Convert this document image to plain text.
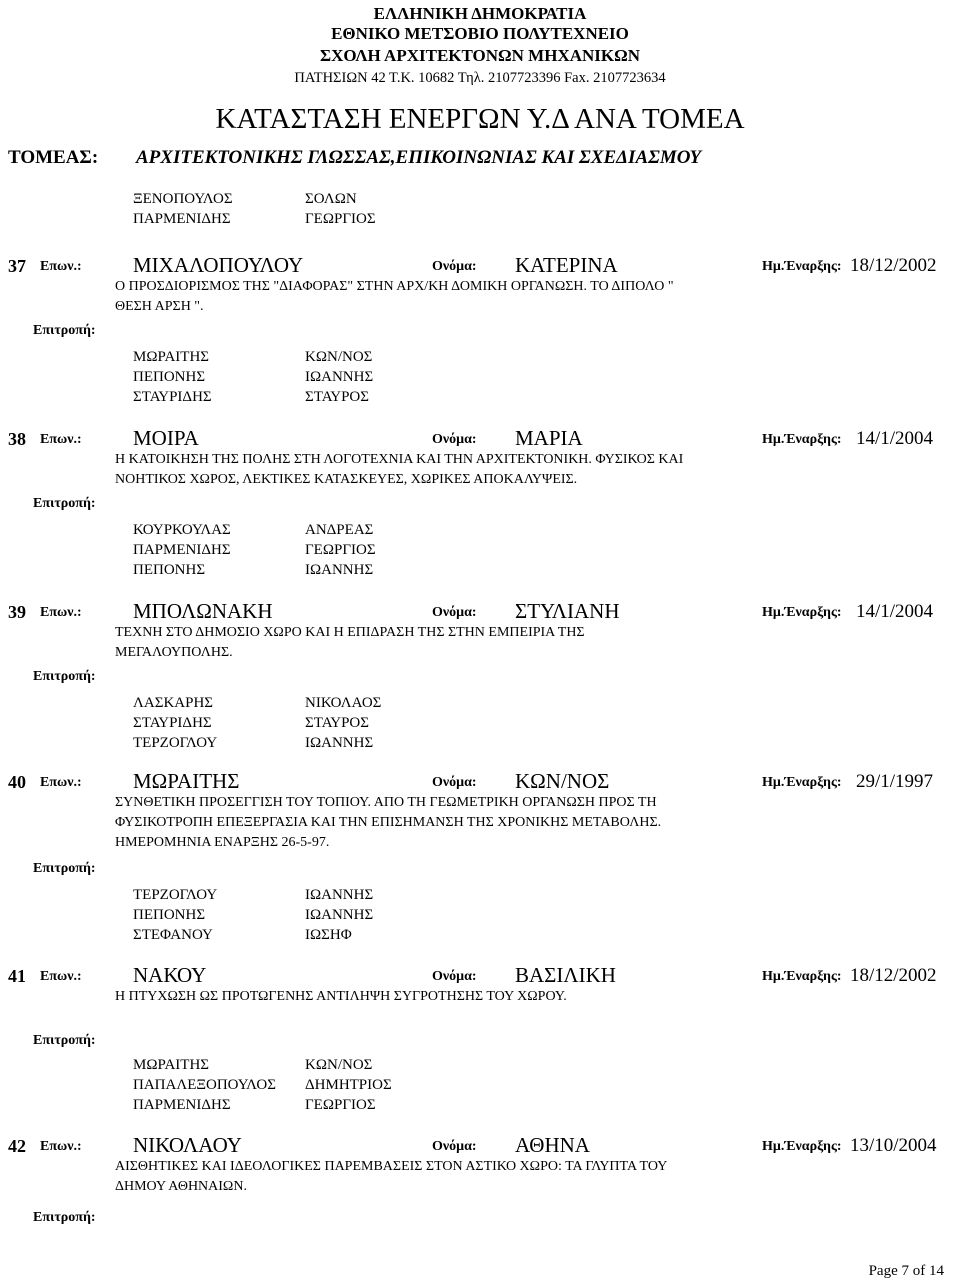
ΕΛΛΗΝΙΚΗ ΔΗΜΟΚΡΑΤΙΑ
ΕΘΝΙΚΟ ΜΕΤΣΟΒΙΟ ΠΟΛΥΤΕΧΝΕΙΟ
ΣΧΟΛΗ ΑΡΧΙΤΕΚΤΟΝΩΝ ΜΗΧΑΝΙΚΩΝ
ΠΑΤΗΣΙΩΝ 42 Τ.Κ. 10682 Τηλ. 2107723396 Fax. 2107723634
ΚΑΤΑΣΤΑΣΗ ΕΝΕΡΓΩΝ Υ.Δ ΑΝΑ ΤΟΜΕΑ
ΤΟΜΕΑΣ: ΑΡΧΙΤΕΚΤΟΝΙΚΗΣ ΓΛΩΣΣΑΣ,ΕΠΙΚΟΙΝΩΝΙΑΣ ΚΑΙ ΣΧΕΔΙΑΣΜΟΥ
ΞΕΝΟΠΟΥΛΟΣ	ΣΟΛΩΝ
ΠΑΡΜΕΝΙΔΗΣ	ΓΕΩΡΓΙΟΣ
37 Επων.: ΜΙΧΑΛΟΠΟΥΛΟΥ	Ονόμα: ΚΑΤΕΡΙΝΑ	Ημ.Έναρξης: 18/12/2002
Ο ΠΡΟΣΔΙΟΡΙΣΜΟΣ ΤΗΣ "ΔΙΑΦΟΡΑΣ" ΣΤΗΝ ΑΡΧ/ΚΗ ΔΟΜΙΚΗ ΟΡΓΑΝΩΣΗ. ΤΟ ΔΙΠΟΛΟ "
ΘΕΣΗ ΑΡΣΗ ".
Επιτροπή:
ΜΩΡΑΙΤΗΣ	ΚΩΝ/ΝΟΣ
ΠΕΠΟΝΗΣ	ΙΩΑΝΝΗΣ
ΣΤΑΥΡΙΔΗΣ	ΣΤΑΥΡΟΣ
38 Επων.: ΜΟΙΡΑ	Ονόμα: ΜΑΡΙΑ	Ημ.Έναρξης: 14/1/2004
Η ΚΑΤΟΙΚΗΣΗ ΤΗΣ ΠΟΛΗΣ ΣΤΗ ΛΟΓΟΤΕΧΝΙΑ ΚΑΙ ΤΗΝ ΑΡΧΙΤΕΚΤΟΝΙΚΗ. ΦΥΣΙΚΟΣ ΚΑΙ
ΝΟΗΤΙΚΟΣ ΧΩΡΟΣ, ΛΕΚΤΙΚΕΣ ΚΑΤΑΣΚΕΥΕΣ, ΧΩΡΙΚΕΣ ΑΠΟΚΑΛΥΨΕΙΣ.
Επιτροπή:
ΚΟΥΡΚΟΥΛΑΣ	ΑΝΔΡΕΑΣ
ΠΑΡΜΕΝΙΔΗΣ	ΓΕΩΡΓΙΟΣ
ΠΕΠΟΝΗΣ	ΙΩΑΝΝΗΣ
39 Επων.: ΜΠΟΛΩΝΑΚΗ	Ονόμα: ΣΤΥΛΙΑΝΗ	Ημ.Έναρξης: 14/1/2004
ΤΕΧΝΗ ΣΤΟ ΔΗΜΟΣΙΟ ΧΩΡΟ ΚΑΙ Η ΕΠΙΔΡΑΣΗ ΤΗΣ ΣΤΗΝ ΕΜΠΕΙΡΙΑ ΤΗΣ
ΜΕΓΑΛΟΥΠΟΛΗΣ.
Επιτροπή:
ΛΑΣΚΑΡΗΣ	ΝΙΚΟΛΑΟΣ
ΣΤΑΥΡΙΔΗΣ	ΣΤΑΥΡΟΣ
ΤΕΡΖΟΓΛΟΥ	ΙΩΑΝΝΗΣ
40 Επων.: ΜΩΡΑΙΤΗΣ	Ονόμα: ΚΩΝ/ΝΟΣ	Ημ.Έναρξης: 29/1/1997
ΣΥΝΘΕΤΙΚΗ ΠΡΟΣΕΓΓΙΣΗ ΤΟΥ ΤΟΠΙΟΥ. ΑΠΟ ΤΗ ΓΕΩΜΕΤΡΙΚΗ ΟΡΓΑΝΩΣΗ ΠΡΟΣ ΤΗ
ΦΥΣΙΚΟΤΡΟΠΗ ΕΠΕΞΕΡΓΑΣΙΑ ΚΑΙ ΤΗΝ ΕΠΙΣΗΜΑΝΣΗ ΤΗΣ ΧΡΟΝΙΚΗΣ ΜΕΤΑΒΟΛΗΣ.
ΗΜΕΡΟΜΗΝΙΑ ΕΝΑΡΞΗΣ 26-5-97.
Επιτροπή:
ΤΕΡΖΟΓΛΟΥ	ΙΩΑΝΝΗΣ
ΠΕΠΟΝΗΣ	ΙΩΑΝΝΗΣ
ΣΤΕΦΑΝΟΥ	ΙΩΣΗΦ
41 Επων.: ΝΑΚΟΥ	Ονόμα: ΒΑΣΙΛΙΚΗ	Ημ.Έναρξης: 18/12/2002
Η ΠΤΥΧΩΣΗ ΩΣ ΠΡΟΤΩΓΕΝΗΣ ΑΝΤΙΛΗΨΗ ΣΥΓΡΟΤΗΣΗΣ ΤΟΥ ΧΩΡΟΥ.
Επιτροπή:
ΜΩΡΑΙΤΗΣ	ΚΩΝ/ΝΟΣ
ΠΑΠΑΛΕΞΟΠΟΥΛΟΣ ΔΗΜΗΤΡΙΟΣ
ΠΑΡΜΕΝΙΔΗΣ	ΓΕΩΡΓΙΟΣ
42 Επων.: ΝΙΚΟΛΑΟΥ	Ονόμα: ΑΘΗΝΑ	Ημ.Έναρξης: 13/10/2004
ΑΙΣΘΗΤΙΚΕΣ ΚΑΙ ΙΔΕΟΛΟΓΙΚΕΣ ΠΑΡΕΜΒΑΣΕΙΣ ΣΤΟΝ ΑΣΤΙΚΟ ΧΩΡΟ: ΤΑ ΓΛΥΠΤΑ ΤΟΥ
ΔΗΜΟΥ ΑΘΗΝΑΙΩΝ.
Επιτροπή:
Page 7 of 14
